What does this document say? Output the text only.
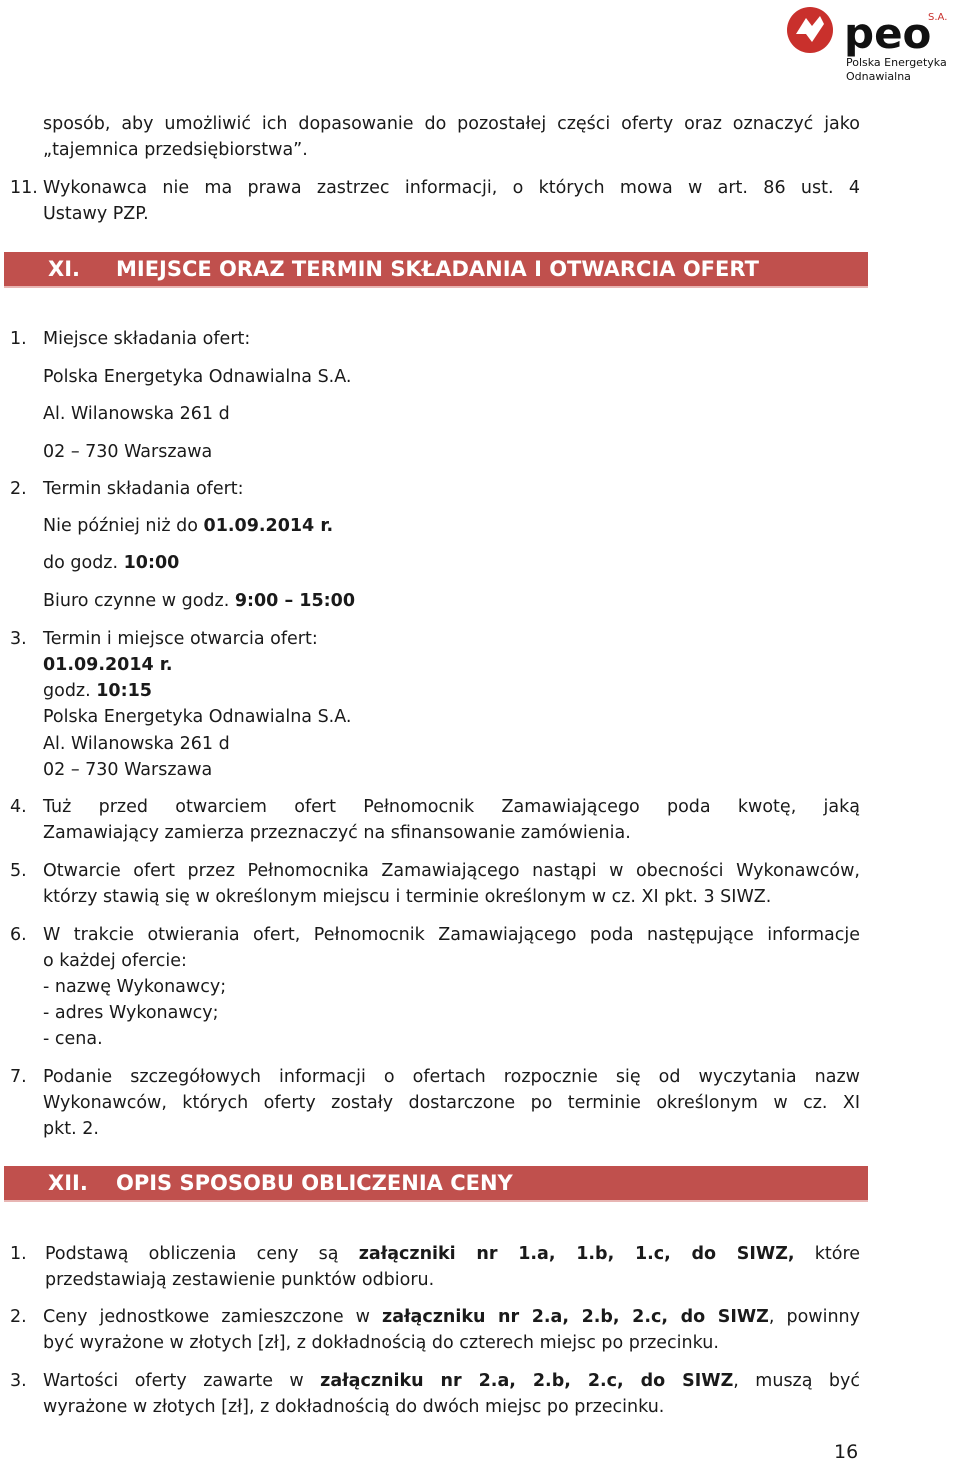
peo
S.A.
Polska Energetyka
Odnawialna
sposób, aby umożliwić ich dopasowanie do pozostałej części oferty oraz oznaczyć jako
„tajemnica przedsiębiorstwa”.
11. Wykonawca nie ma prawa zastrzec informacji, o których mowa w art. 86 ust. 4
Ustawy PZP.
XI. MIEJSCE ORAZ TERMIN SKŁADANIA I OTWARCIA OFERT
1. Miejsce składania ofert:
Polska Energetyka Odnawialna S.A.
Al. Wilanowska 261 d
02 – 730 Warszawa
2. Termin składania ofert:
Nie później niż do 01.09.2014 r.
do godz. 10:00
Biuro czynne w godz. 9:00 – 15:00
3. Termin i miejsce otwarcia ofert:
01.09.2014 r.
godz. 10:15
Polska Energetyka Odnawialna S.A.
Al. Wilanowska 261 d
02 – 730 Warszawa
4. Tuż przed otwarciem ofert Pełnomocnik Zamawiającego poda kwotę, jaką
Zamawiający zamierza przeznaczyć na sfinansowanie zamówienia.
5. Otwarcie ofert przez Pełnomocnika Zamawiającego nastąpi w obecności Wykonawców,
którzy stawią się w określonym miejscu i terminie określonym w cz. XI pkt. 3 SIWZ.
6. W trakcie otwierania ofert, Pełnomocnik Zamawiającego poda następujące informacje
o każdej ofercie:
- nazwę Wykonawcy;
- adres Wykonawcy;
- cena.
7. Podanie szczegółowych informacji o ofertach rozpocznie się od wyczytania nazw
Wykonawców, których oferty zostały dostarczone po terminie określonym w cz. XI
pkt. 2.
XII. OPIS SPOSOBU OBLICZENIA CENY
1. Podstawą obliczenia ceny są załączniki nr 1.a, 1.b, 1.c, do SIWZ, które
przedstawiają zestawienie punktów odbioru.
2. Ceny jednostkowe zamieszczone w załączniku nr 2.a, 2.b, 2.c, do SIWZ, powinny
być wyrażone w złotych [zł], z dokładnością do czterech miejsc po przecinku.
3. Wartości oferty zawarte w załączniku nr 2.a, 2.b, 2.c, do SIWZ, muszą być
wyrażone w złotych [zł], z dokładnością do dwóch miejsc po przecinku.
16
